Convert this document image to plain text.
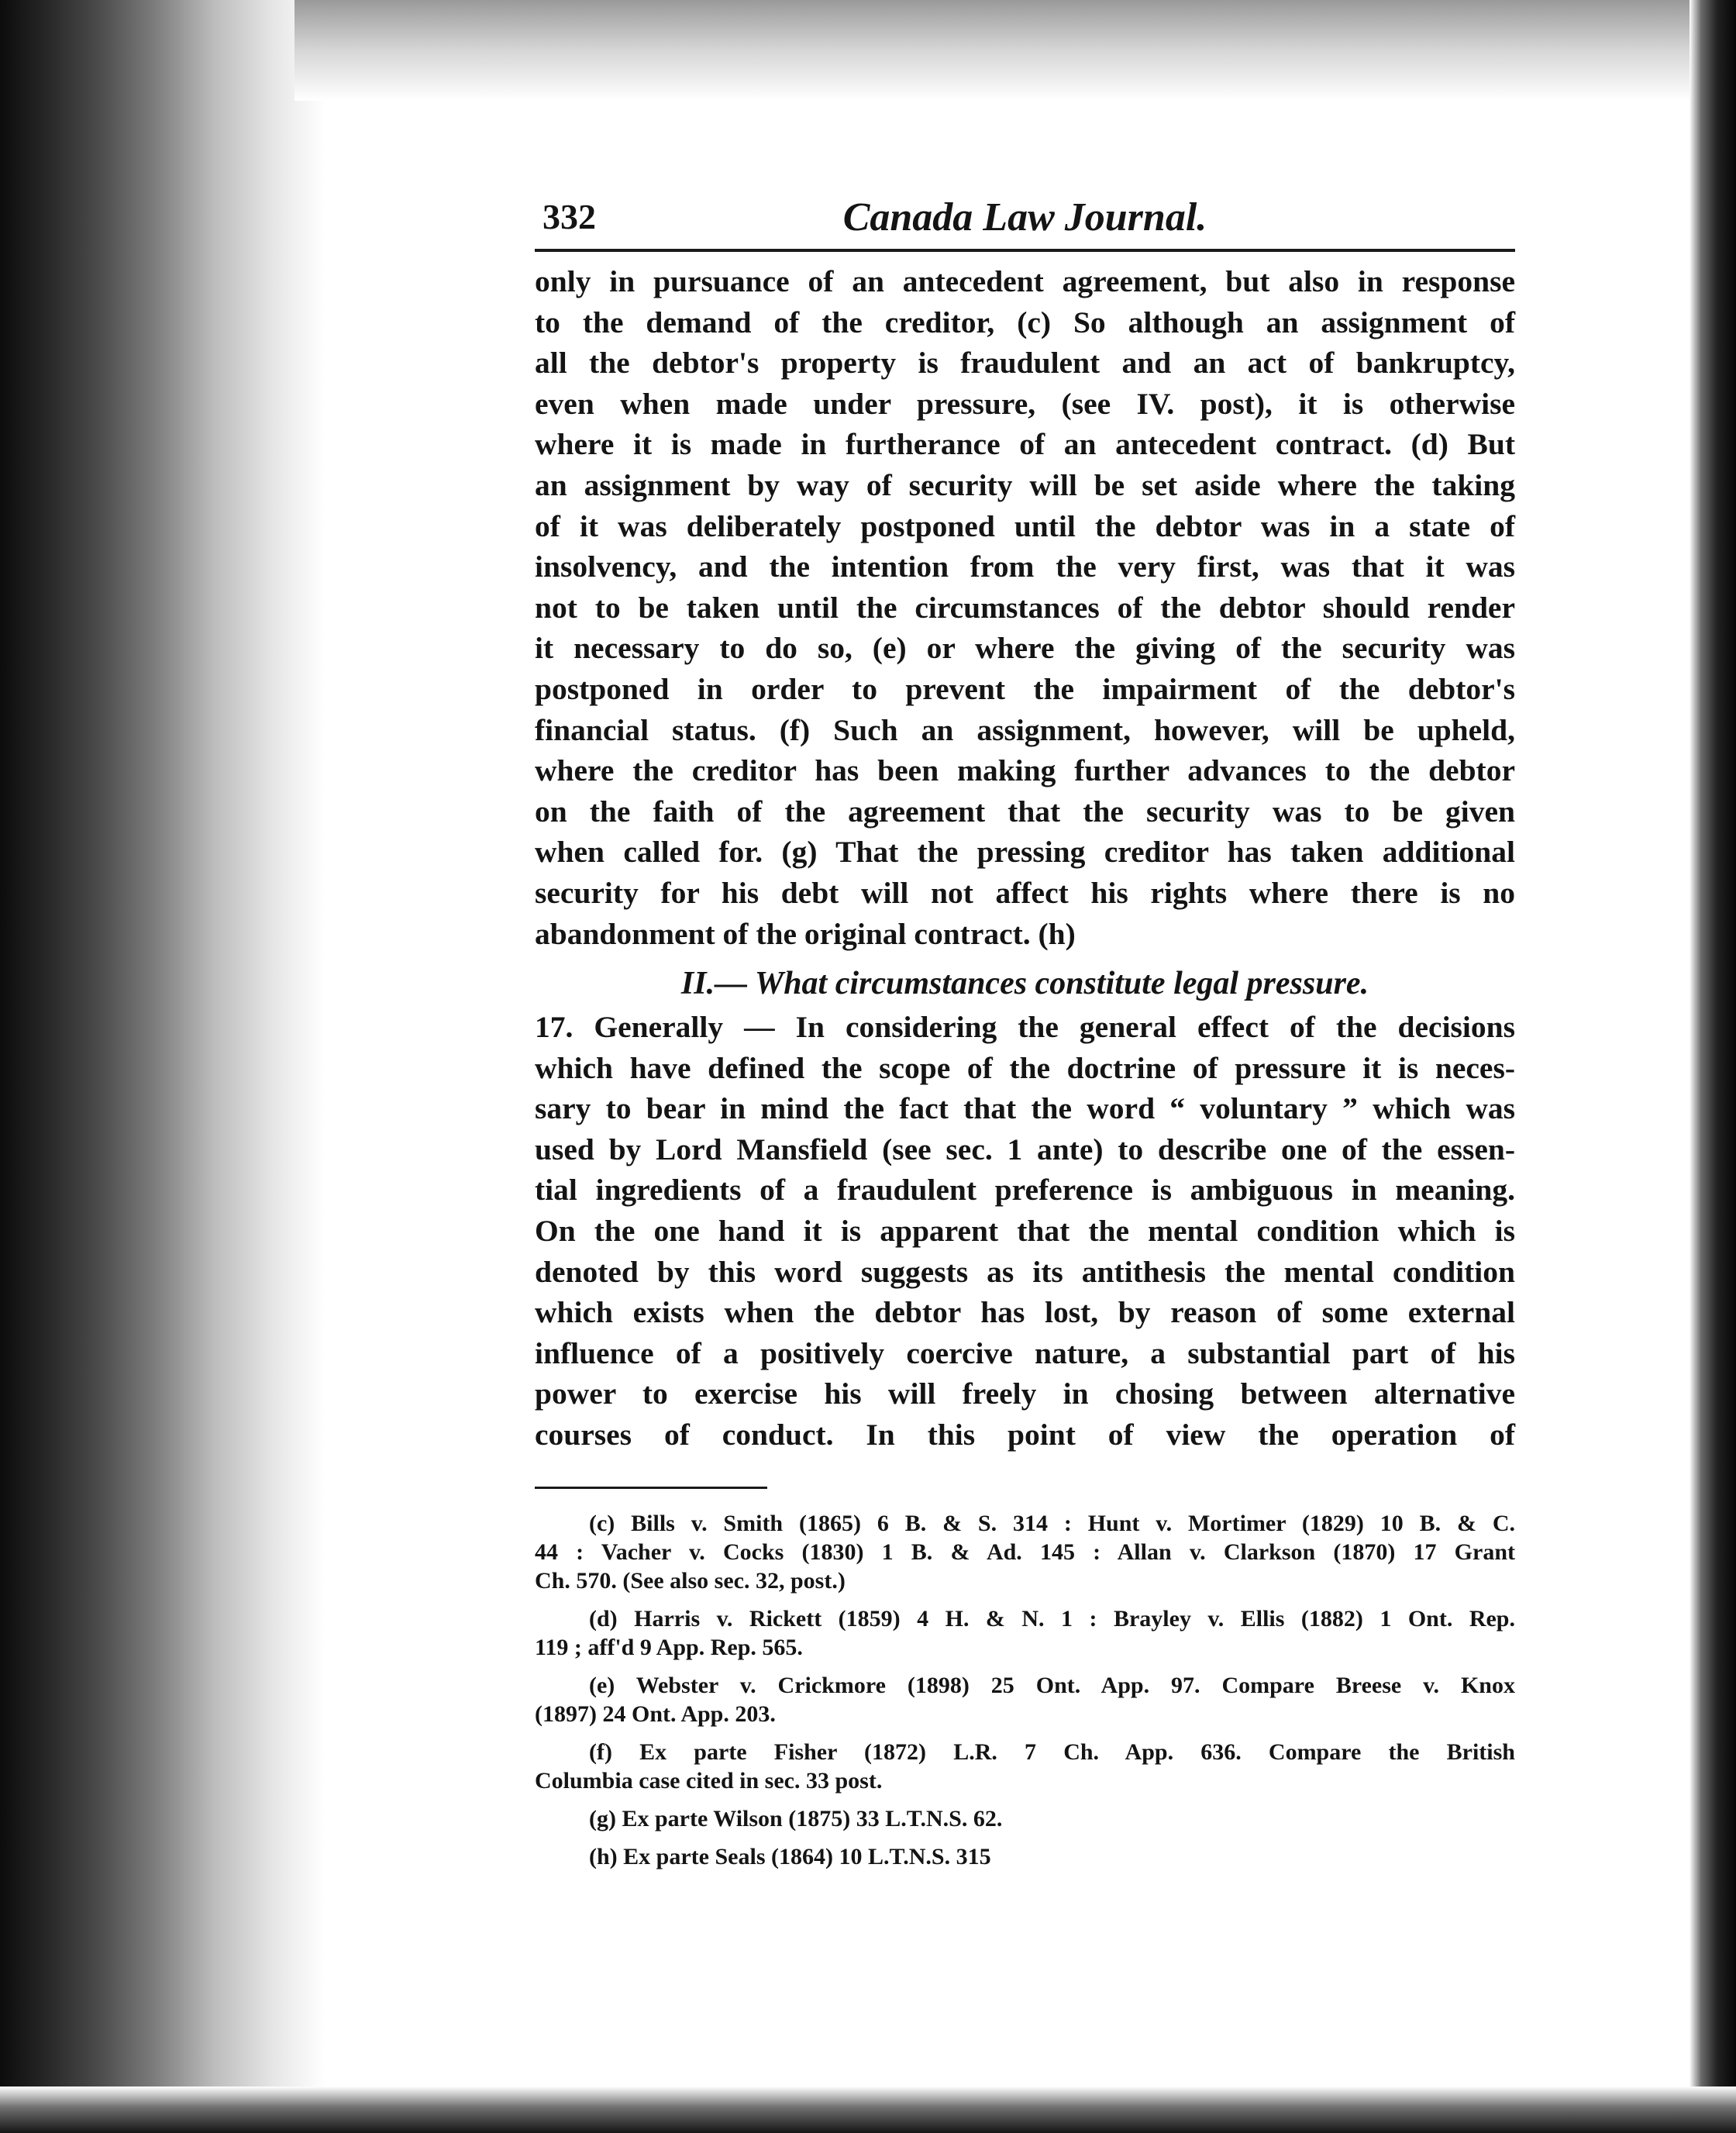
332	Canada Law Journal.
only in pursuance of an antecedent agreement, but also in response
to the demand of the creditor, (c) So although an assignment of
all the debtor's property is fraudulent and an act of bankruptcy,
even when made under pressure, (see IV. post), it is otherwise
where it is made in furtherance of an antecedent contract. (d) But
an assignment by way of security will be set aside where the taking
of it was deliberately postponed until the debtor was in a state of
insolvency, and the intention from the very first, was that it was
not to be taken until the circumstances of the debtor should render
it necessary to do so, (e) or where the giving of the security was
postponed in order to prevent the impairment of the debtor's
financial status. (f) Such an assignment, however, will be upheld,
where the creditor has been making further advances to the debtor
on the faith of the agreement that the security was to be given
when called for. (g) That the pressing creditor has taken additional
security for his debt will not affect his rights where there is no
abandonment of the original contract. (h)
II.— What circumstances constitute legal pressure.
17. Generally — In considering the general effect of the decisions
which have defined the scope of the doctrine of pressure it is neces-
sary to bear in mind the fact that the word “ voluntary ” which was
used by Lord Mansfield (see sec. 1 ante) to describe one of the essen-
tial ingredients of a fraudulent preference is ambiguous in meaning.
On the one hand it is apparent that the mental condition which is
denoted by this word suggests as its antithesis the mental condition
which exists when the debtor has lost, by reason of some external
influence of a positively coercive nature, a substantial part of his
power to exercise his will freely in chosing between alternative
courses of conduct. In this point of view the operation of
(c) Bills v. Smith (1865) 6 B. & S. 314 : Hunt v. Mortimer (1829) 10 B. & C.
44 : Vacher v. Cocks (1830) 1 B. & Ad. 145 : Allan v. Clarkson (1870) 17 Grant
Ch. 570. (See also sec. 32, post.)
(d) Harris v. Rickett (1859) 4 H. & N. 1 : Brayley v. Ellis (1882) 1 Ont. Rep.
119 ; aff'd 9 App. Rep. 565.
(e) Webster v. Crickmore (1898) 25 Ont. App. 97. Compare Breese v. Knox
(1897) 24 Ont. App. 203.
(f) Ex parte Fisher (1872) L.R. 7 Ch. App. 636. Compare the British
Columbia case cited in sec. 33 post.
(g) Ex parte Wilson (1875) 33 L.T.N.S. 62.
(h) Ex parte Seals (1864) 10 L.T.N.S. 315
